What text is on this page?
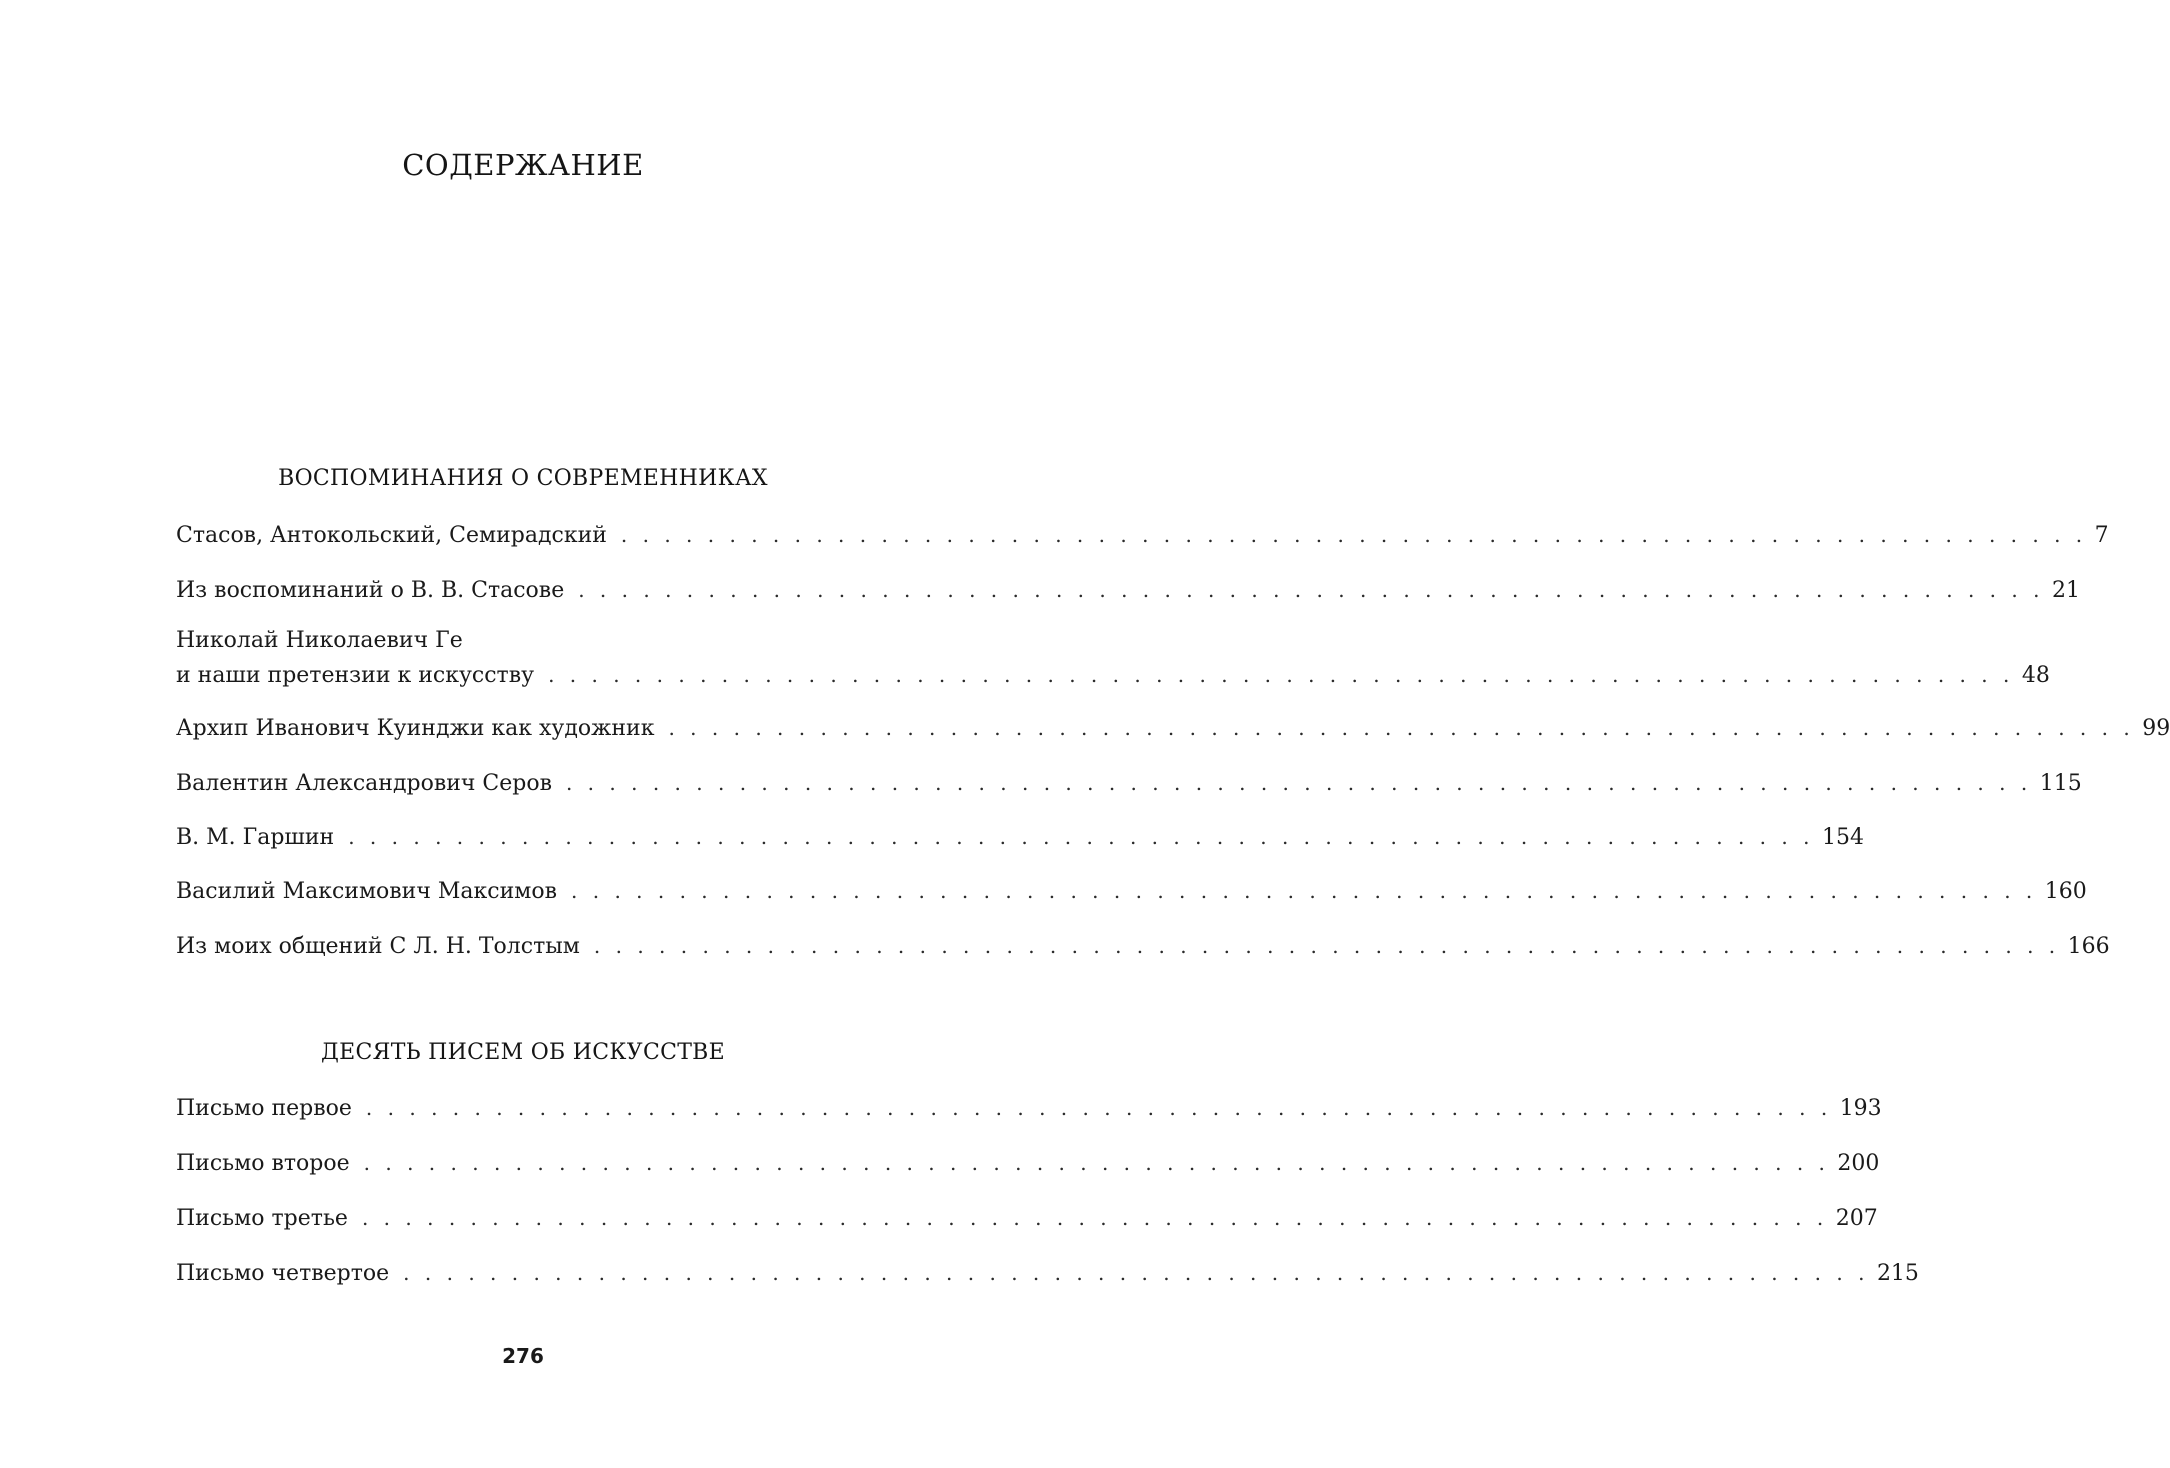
СОДЕРЖАНИЕ
ВОСПОМИНАНИЯ О СОВРЕМЕННИКАХ
Стасов, Антокольский, Семирадский . . . . . . . . . . . . . . . . . . . . . . . . . . . . . . . . . . . . . . . . . . . . . . . . . . . . . . . . . . . . . . . . . . . . 7
Из воспоминаний о В. В. Стасове . . . . . . . . . . . . . . . . . . . . . . . . . . . . . . . . . . . . . . . . . . . . . . . . . . . . . . . . . . . . . . . . . . . . 21
Николай Николаевич Ге
и наши претензии к искусству . . . . . . . . . . . . . . . . . . . . . . . . . . . . . . . . . . . . . . . . . . . . . . . . . . . . . . . . . . . . . . . . . . . . 48
Архип Иванович Куинджи как художник . . . . . . . . . . . . . . . . . . . . . . . . . . . . . . . . . . . . . . . . . . . . . . . . . . . . . . . . . . . . . . . . . . . . 99
Валентин Александрович Серов . . . . . . . . . . . . . . . . . . . . . . . . . . . . . . . . . . . . . . . . . . . . . . . . . . . . . . . . . . . . . . . . . . . . 115
В. М. Гаршин . . . . . . . . . . . . . . . . . . . . . . . . . . . . . . . . . . . . . . . . . . . . . . . . . . . . . . . . . . . . . . . . . . . . 154
Василий Максимович Максимов . . . . . . . . . . . . . . . . . . . . . . . . . . . . . . . . . . . . . . . . . . . . . . . . . . . . . . . . . . . . . . . . . . . . 160
Из моих общений С Л. Н. Толстым . . . . . . . . . . . . . . . . . . . . . . . . . . . . . . . . . . . . . . . . . . . . . . . . . . . . . . . . . . . . . . . . . . . . 166
ДЕСЯТЬ ПИСЕМ ОБ ИСКУССТВЕ
Письмо первое . . . . . . . . . . . . . . . . . . . . . . . . . . . . . . . . . . . . . . . . . . . . . . . . . . . . . . . . . . . . . . . . . . . . 193
Письмо второе . . . . . . . . . . . . . . . . . . . . . . . . . . . . . . . . . . . . . . . . . . . . . . . . . . . . . . . . . . . . . . . . . . . . 200
Письмо третье . . . . . . . . . . . . . . . . . . . . . . . . . . . . . . . . . . . . . . . . . . . . . . . . . . . . . . . . . . . . . . . . . . . . 207
Письмо четвертое . . . . . . . . . . . . . . . . . . . . . . . . . . . . . . . . . . . . . . . . . . . . . . . . . . . . . . . . . . . . . . . . . . . . 215
276
